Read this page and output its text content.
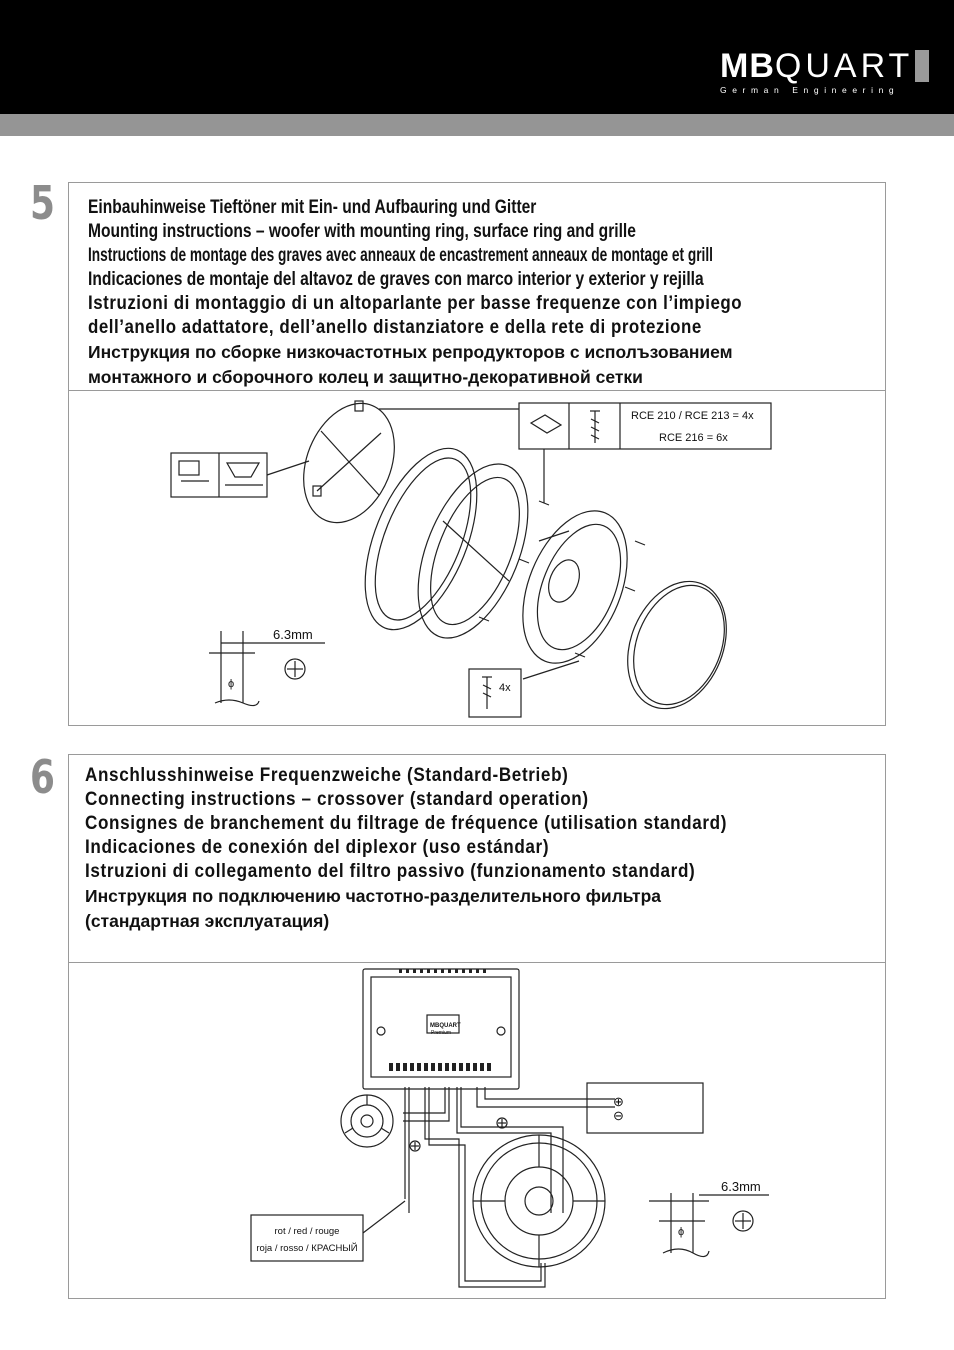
MBQUART
German Engineering
5 Einbauhinweise Tieftöner mit Ein- und Aufbauring und Gitter
Mounting instructions – woofer with mounting ring, surface ring and grille
Instructions de montage des graves avec anneaux de encastrement anneaux de montage et grill
Indicaciones de montaje del altavoz de graves con marco interior y exterior y rejilla
Istruzioni di montaggio di un altoparlante per basse frequenze con l’impiego
dell’anello adattatore, dell’anello distanziatore e della rete di protezione
Инструкция по сборке низкочастотных репродукторов с исполъзованием
монтажного и сборочного колец и защитно-декоративной сетки
RCE 210 / RCE 213 = 4x
RCE 216 = 6x
4x
6.3mm
ϕ
6 Anschlusshinweise Frequenzweiche (Standard-Betrieb)
Connecting instructions – crossover (standard operation)
Consignes de branchement du filtrage de fréquence (utilisation standard)
Indicaciones de conexión del diplexor (uso estándar)
Istruzioni di collegamento del filtro passivo (funzionamento standard)
Инструкция по подключению частотно-разделительного фильтра
(стандартная эксплуатация)
MBQUART
Premium
⊕
⊖
rot / red / rouge
roja / rosso / КРАСНЫЙ
6.3mm
ϕ
